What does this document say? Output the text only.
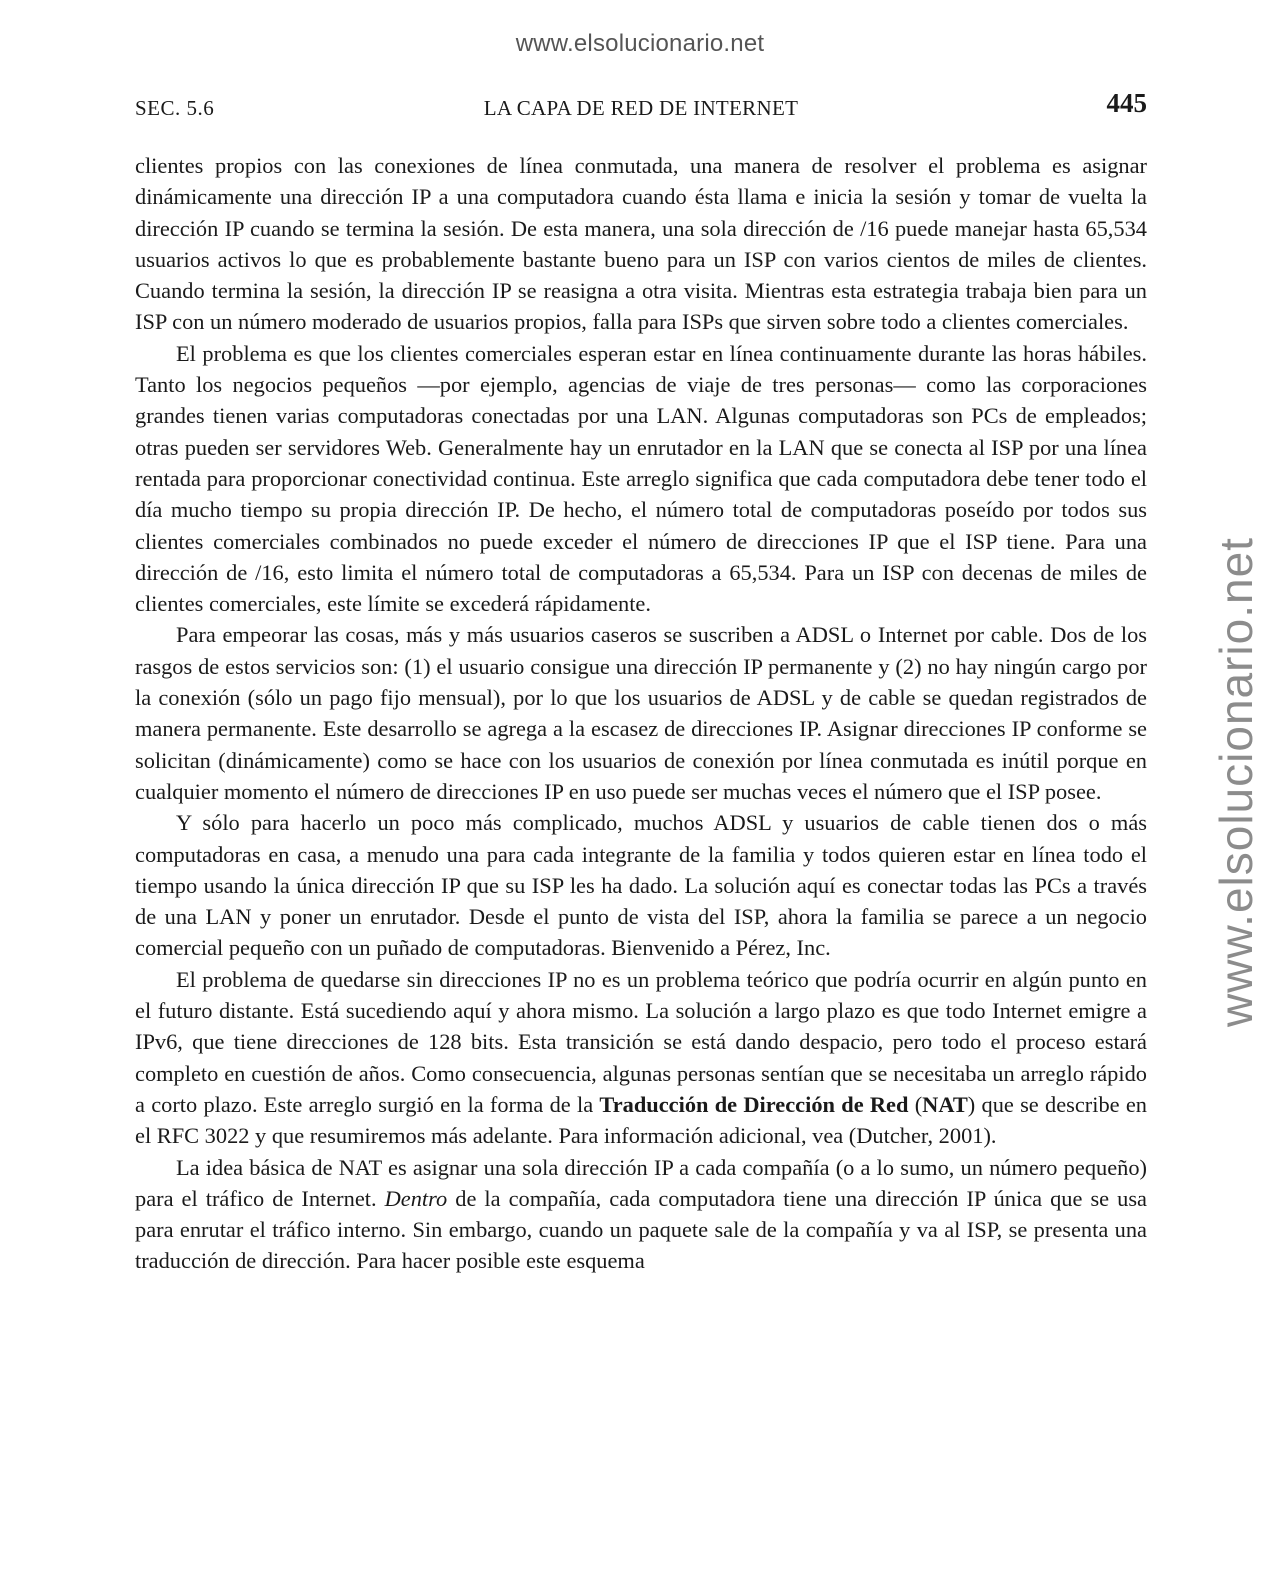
www.elsolucionario.net
www.elsolucionario.net
SEC. 5.6	LA CAPA DE RED DE INTERNET	445

clientes propios con las conexiones de línea conmutada, una manera de resolver el problema es asignar dinámicamente una dirección IP a una computadora cuando ésta llama e inicia la sesión y tomar de vuelta la dirección IP cuando se termina la sesión. De esta manera, una sola dirección de /16 puede manejar hasta 65,534 usuarios activos lo que es probablemente bastante bueno para un ISP con varios cientos de miles de clientes. Cuando termina la sesión, la dirección IP se reasigna a otra visita. Mientras esta estrategia trabaja bien para un ISP con un número moderado de usuarios propios, falla para ISPs que sirven sobre todo a clientes comerciales.

El problema es que los clientes comerciales esperan estar en línea continuamente durante las horas hábiles. Tanto los negocios pequeños —por ejemplo, agencias de viaje de tres personas— como las corporaciones grandes tienen varias computadoras conectadas por una LAN. Algunas computadoras son PCs de empleados; otras pueden ser servidores Web. Generalmente hay un enrutador en la LAN que se conecta al ISP por una línea rentada para proporcionar conectividad continua. Este arreglo significa que cada computadora debe tener todo el día mucho tiempo su propia dirección IP. De hecho, el número total de computadoras poseído por todos sus clientes comerciales combinados no puede exceder el número de direcciones IP que el ISP tiene. Para una dirección de /16, esto limita el número total de computadoras a 65,534. Para un ISP con decenas de miles de clientes comerciales, este límite se excederá rápidamente.

Para empeorar las cosas, más y más usuarios caseros se suscriben a ADSL o Internet por cable. Dos de los rasgos de estos servicios son: (1) el usuario consigue una dirección IP permanente y (2) no hay ningún cargo por la conexión (sólo un pago fijo mensual), por lo que los usuarios de ADSL y de cable se quedan registrados de manera permanente. Este desarrollo se agrega a la escasez de direcciones IP. Asignar direcciones IP conforme se solicitan (dinámicamente) como se hace con los usuarios de conexión por línea conmutada es inútil porque en cualquier momento el número de direcciones IP en uso puede ser muchas veces el número que el ISP posee.

Y sólo para hacerlo un poco más complicado, muchos ADSL y usuarios de cable tienen dos o más computadoras en casa, a menudo una para cada integrante de la familia y todos quieren estar en línea todo el tiempo usando la única dirección IP que su ISP les ha dado. La solución aquí es conectar todas las PCs a través de una LAN y poner un enrutador. Desde el punto de vista del ISP, ahora la familia se parece a un negocio comercial pequeño con un puñado de computadoras. Bienvenido a Pérez, Inc.

El problema de quedarse sin direcciones IP no es un problema teórico que podría ocurrir en algún punto en el futuro distante. Está sucediendo aquí y ahora mismo. La solución a largo plazo es que todo Internet emigre a IPv6, que tiene direcciones de 128 bits. Esta transición se está dando despacio, pero todo el proceso estará completo en cuestión de años. Como consecuencia, algunas personas sentían que se necesitaba un arreglo rápido a corto plazo. Este arreglo surgió en la forma de la Traducción de Dirección de Red (NAT) que se describe en el RFC 3022 y que resumiremos más adelante. Para información adicional, vea (Dutcher, 2001).

La idea básica de NAT es asignar una sola dirección IP a cada compañía (o a lo sumo, un número pequeño) para el tráfico de Internet. Dentro de la compañía, cada computadora tiene una dirección IP única que se usa para enrutar el tráfico interno. Sin embargo, cuando un paquete sale de la compañía y va al ISP, se presenta una traducción de dirección. Para hacer posible este esquema
